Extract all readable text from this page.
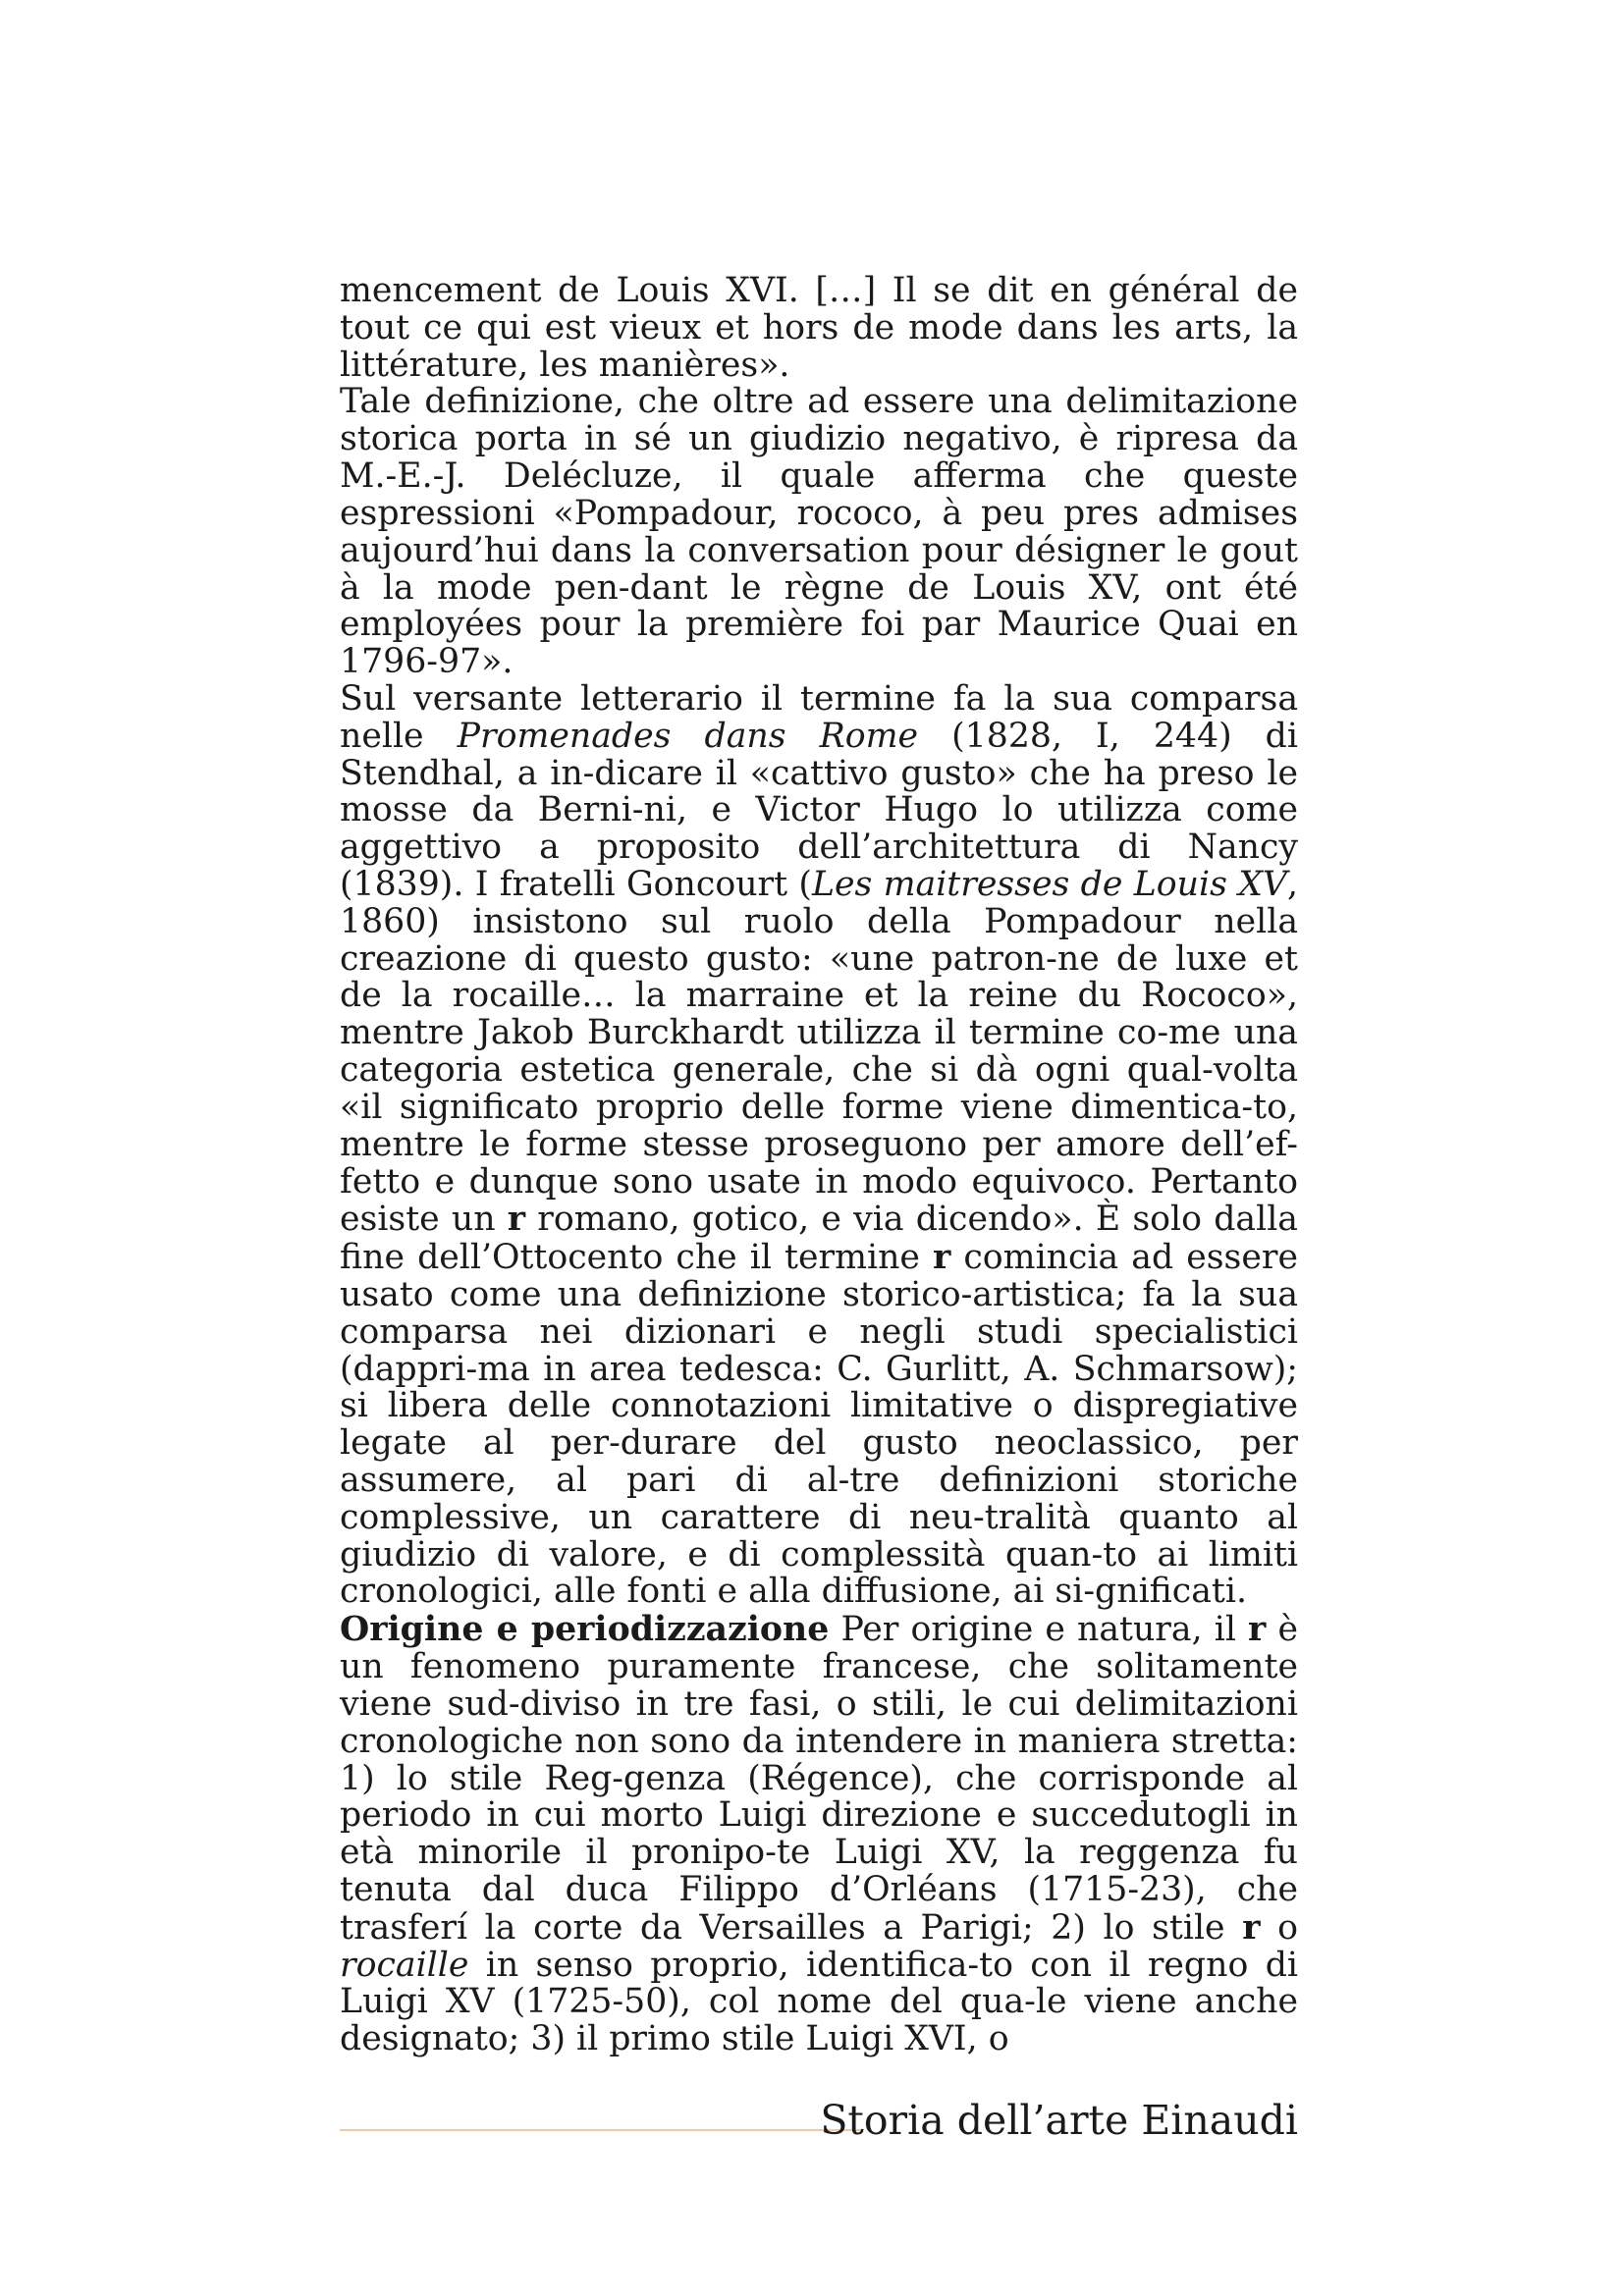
mencement de Louis XVI. […] Il se dit en général de tout ce qui est vieux et hors de mode dans les arts, la littérature, les manières».

Tale definizione, che oltre ad essere una delimitazione storica porta in sé un giudizio negativo, è ripresa da M.-E.-J. Delécluze, il quale afferma che queste espressioni «Pompadour, rococo, à peu pres admises aujourd’hui dans la conversation pour désigner le gout à la mode pen-dant le règne de Louis XV, ont été employées pour la première foi par Maurice Quai en 1796-97».

Sul versante letterario il termine fa la sua comparsa nelle Promenades dans Rome (1828, I, 244) di Stendhal, a in-dicare il «cattivo gusto» che ha preso le mosse da Berni-ni, e Victor Hugo lo utilizza come aggettivo a proposito dell’architettura di Nancy (1839). I fratelli Goncourt (Les maitresses de Louis XV, 1860) insistono sul ruolo della Pompadour nella creazione di questo gusto: «une patron-ne de luxe et de la rocaille… la marraine et la reine du Rococo», mentre Jakob Burckhardt utilizza il termine co-me una categoria estetica generale, che si dà ogni qual-volta «il significato proprio delle forme viene dimentica-to, mentre le forme stesse proseguono per amore dell’ef-fetto e dunque sono usate in modo equivoco. Pertanto esiste un r romano, gotico, e via dicendo». È solo dalla fine dell’Ottocento che il termine r comincia ad essere usato come una definizione storico-artistica; fa la sua comparsa nei dizionari e negli studi specialistici (dappri-ma in area tedesca: C. Gurlitt, A. Schmarsow); si libera delle connotazioni limitative o dispregiative legate al per-durare del gusto neoclassico, per assumere, al pari di al-tre definizioni storiche complessive, un carattere di neu-tralità quanto al giudizio di valore, e di complessità quan-to ai limiti cronologici, alle fonti e alla diffusione, ai si-gnificati.

Origine e periodizzazione Per origine e natura, il r è un fenomeno puramente francese, che solitamente viene sud-diviso in tre fasi, o stili, le cui delimitazioni cronologiche non sono da intendere in maniera stretta: 1) lo stile Reg-genza (Régence), che corrisponde al periodo in cui morto Luigi direzione e succedutogli in età minorile il pronipo-te Luigi XV, la reggenza fu tenuta dal duca Filippo d’Orléans (1715-23), che trasferí la corte da Versailles a Parigi; 2) lo stile r o rocaille in senso proprio, identifica-to con il regno di Luigi XV (1725-50), col nome del qua-le viene anche designato; 3) il primo stile Luigi XVI, o

Storia dell’arte Einaudi
